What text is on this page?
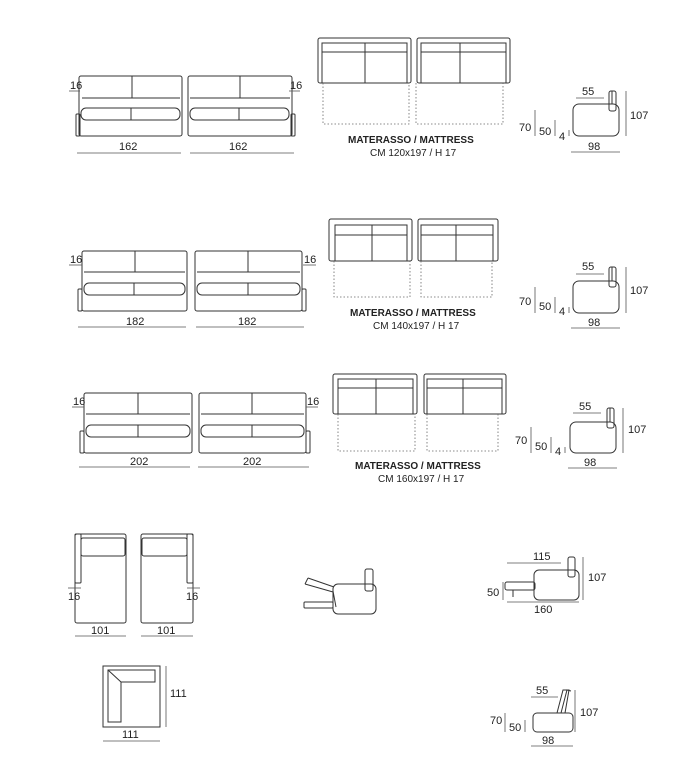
16	16
162	162
MATERASSO / MATTRESS
CM 120x197 / H 17
55
107
70 50 4
98
16	16
182	182
MATERASSO / MATTRESS
CM 140x197 / H 17
55
107
70 50 4
98
16	16
202	202	MATERASSO / MATTRESS
CM 160x197 / H 17
55
107
70 50 4
98
16
101
16
101
115
107
50
160
111
111
55
107
70
50
98
